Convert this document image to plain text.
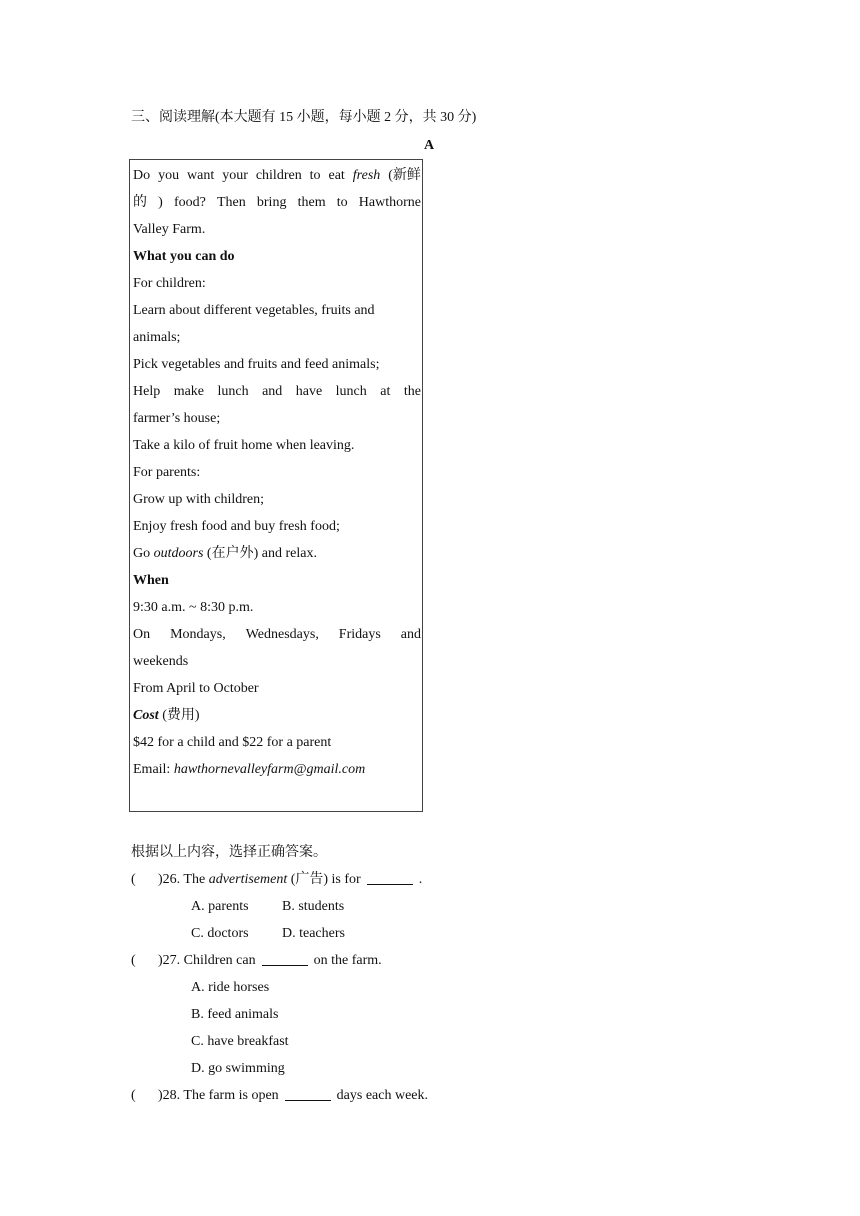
三、阅读理解(本大题有 15 小题，每小题 2 分，共 30 分)
A
Do you want your children to eat fresh (新鲜
的 ) food? Then bring them to Hawthorne
Valley Farm.
What you can do
For children:
Learn about different vegetables, fruits and
animals;
Pick vegetables and fruits and feed animals;
Help make lunch and have lunch at the
farmer’s house;
Take a kilo of fruit home when leaving.
For parents:
Grow up with children;
Enjoy fresh food and buy fresh food;
Go outdoors (在户外) and relax.
When
9:30 a.m. ~ 8:30 p.m.
On Mondays, Wednesdays, Fridays and
weekends
From April to October
Cost (费用)
$42 for a child and $22 for a parent
Email: hawthornevalleyfarm@gmail.com
根据以上内容，选择正确答案。
( )26. The advertisement (广告) is for	.
A. parents B. students
C. doctors D. teachers
( )27. Children can	on the farm.
A. ride horses
B. feed animals
C. have breakfast
D. go swimming
( )28. The farm is open	days each week.
